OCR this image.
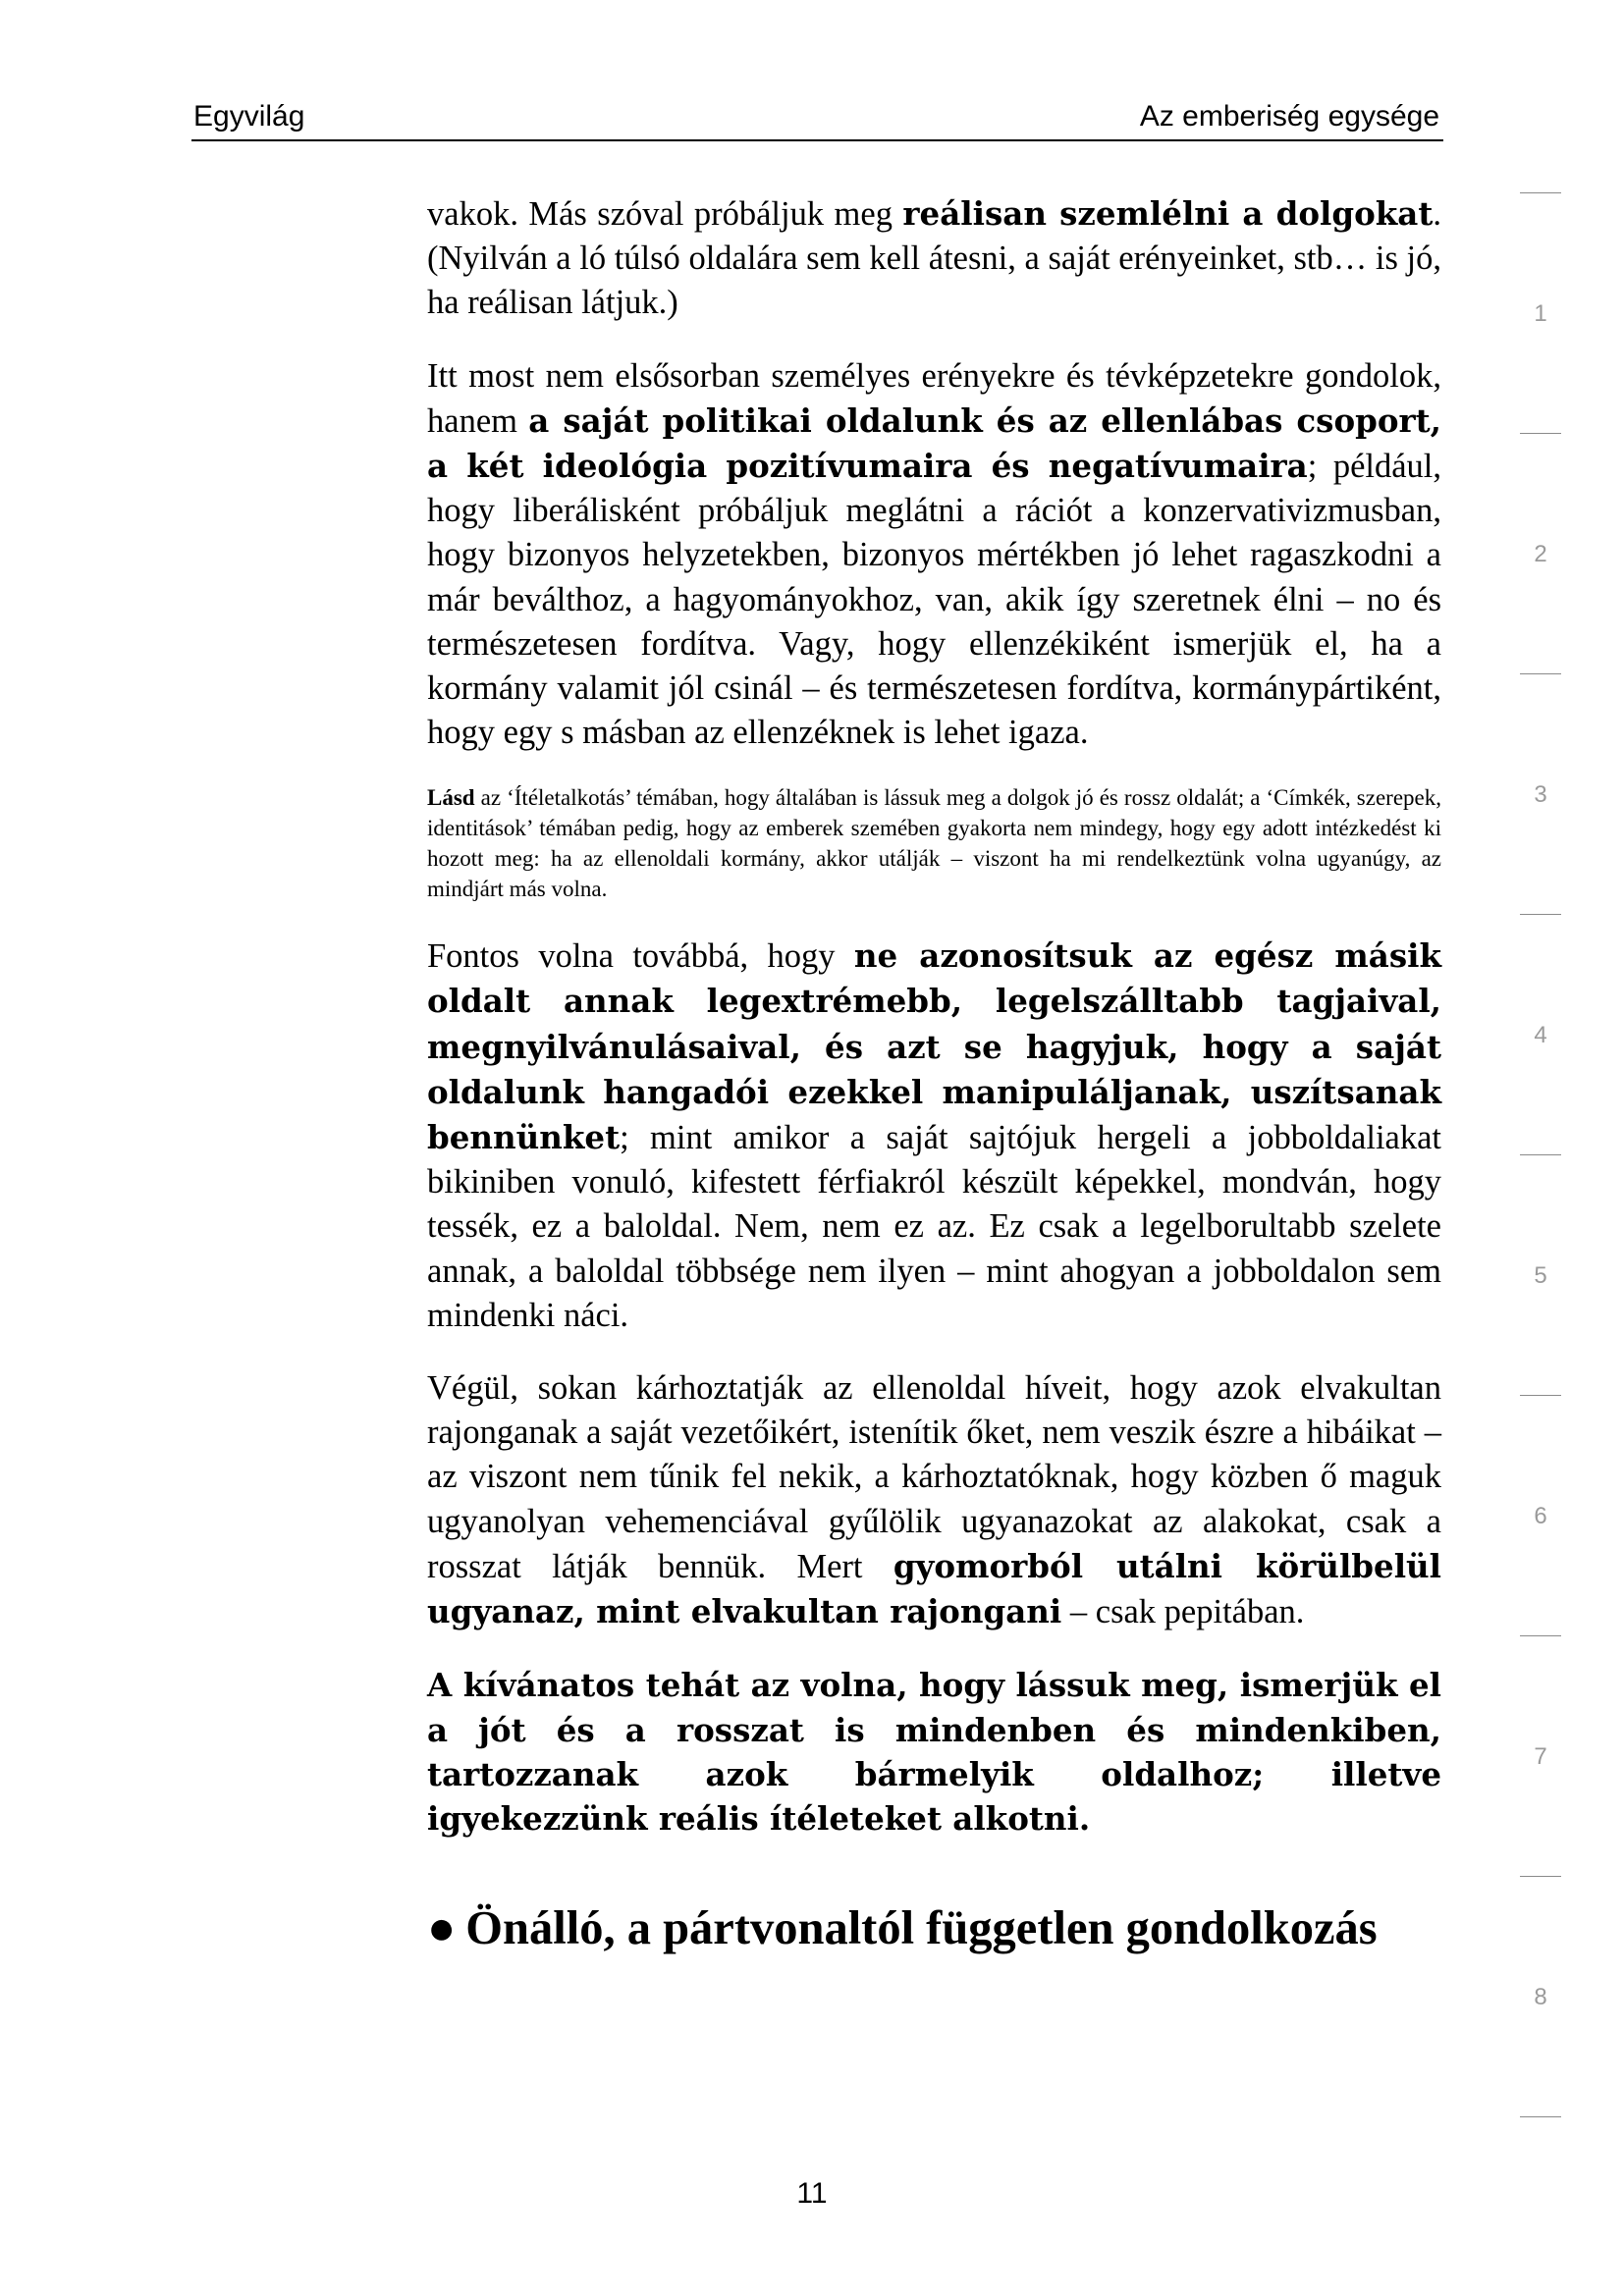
Egyvilág	Az emberiség egysége

vakok. Más szóval próbáljuk meg reálisan szemlélni a dolgokat. (Nyilván a ló túlsó oldalára sem kell átesni, a saját erényeinket, stb… is jó, ha reálisan látjuk.)

Itt most nem elsősorban személyes erényekre és tévképzetekre gondolok, hanem a saját politikai oldalunk és az ellenlábas csoport, a két ideológia pozitívumaira és negatívumaira; például, hogy liberálisként próbáljuk meglátni a rációt a konzervativizmusban, hogy bizonyos helyzetekben, bizonyos mértékben jó lehet ragaszkodni a már beválthoz, a hagyományokhoz, van, akik így szeretnek élni – no és természetesen fordítva. Vagy, hogy ellenzékiként ismerjük el, ha a kormány valamit jól csinál – és természetesen fordítva, kormánypártiként, hogy egy s másban az ellenzéknek is lehet igaza.

Lásd az ‘Ítéletalkotás’ témában, hogy általában is lássuk meg a dolgok jó és rossz oldalát; a ‘Címkék, szerepek, identitások’ témában pedig, hogy az emberek szemében gyakorta nem mindegy, hogy egy adott intézkedést ki hozott meg: ha az ellenoldali kormány, akkor utálják – viszont ha mi rendelkeztünk volna ugyanúgy, az mindjárt más volna.

Fontos volna továbbá, hogy ne azonosítsuk az egész másik oldalt annak legextrémebb, legelszálltabb tagjaival, megnyilvánulásaival, és azt se hagyjuk, hogy a saját oldalunk hangadói ezekkel manipuláljanak, uszítsanak bennünket; mint amikor a saját sajtójuk hergeli a jobboldaliakat bikiniben vonuló, kifestett férfiakról készült képekkel, mondván, hogy tessék, ez a baloldal. Nem, nem ez az. Ez csak a legelborultabb szelete annak, a baloldal többsége nem ilyen – mint ahogyan a jobboldalon sem mindenki náci.

Végül, sokan kárhoztatják az ellenoldal híveit, hogy azok elvakultan rajonganak a saját vezetőikért, istenítik őket, nem veszik észre a hibáikat – az viszont nem tűnik fel nekik, a kárhoztatóknak, hogy közben ő maguk ugyanolyan vehemenciával gyűlölik ugyanazokat az alakokat, csak a rosszat látják bennük. Mert gyomorból utálni körülbelül ugyanaz, mint elvakultan rajongani – csak pepitában.

A kívánatos tehát az volna, hogy lássuk meg, ismerjük el a jót és a rosszat is mindenben és mindenkiben, tartozzanak azok bármelyik oldalhoz; illetve igyekezzünk reális ítéleteket alkotni.

● Önálló, a pártvonaltól független gondolkozás
11
1
2
3
4
5
6
7
8
